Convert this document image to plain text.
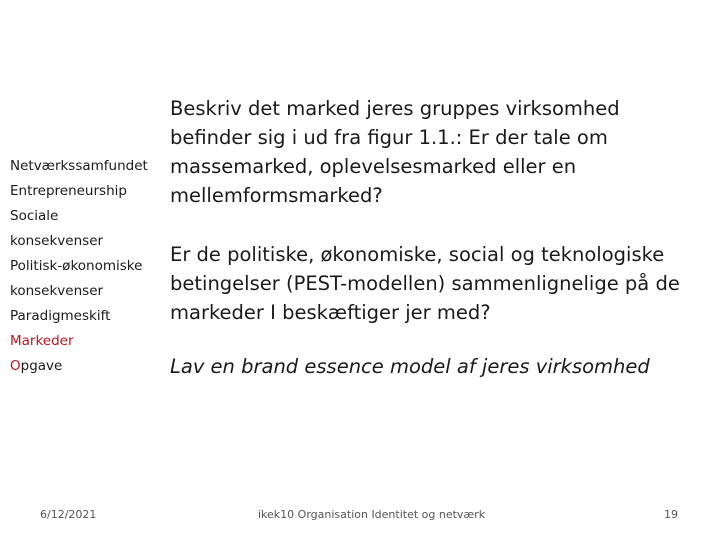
Netværkssamfundet
Entrepreneurship
Sociale
konsekvenser
Politisk-økonomiske
konsekvenser
Paradigmeskift
Markeder
Opgave

Beskriv det marked jeres gruppes virksomhed
befinder sig i ud fra figur 1.1.: Er der tale om
massemarked, oplevelsesmarked eller en
mellemformsmarked?

Er de politiske, økonomiske, social og teknologiske
betingelser (PEST-modellen) sammenlignelige på de
markeder I beskæftiger jer med?

Lav en brand essence model af jeres virksomhed

6/12/2021	ikek10 Organisation Identitet og netværk	19
